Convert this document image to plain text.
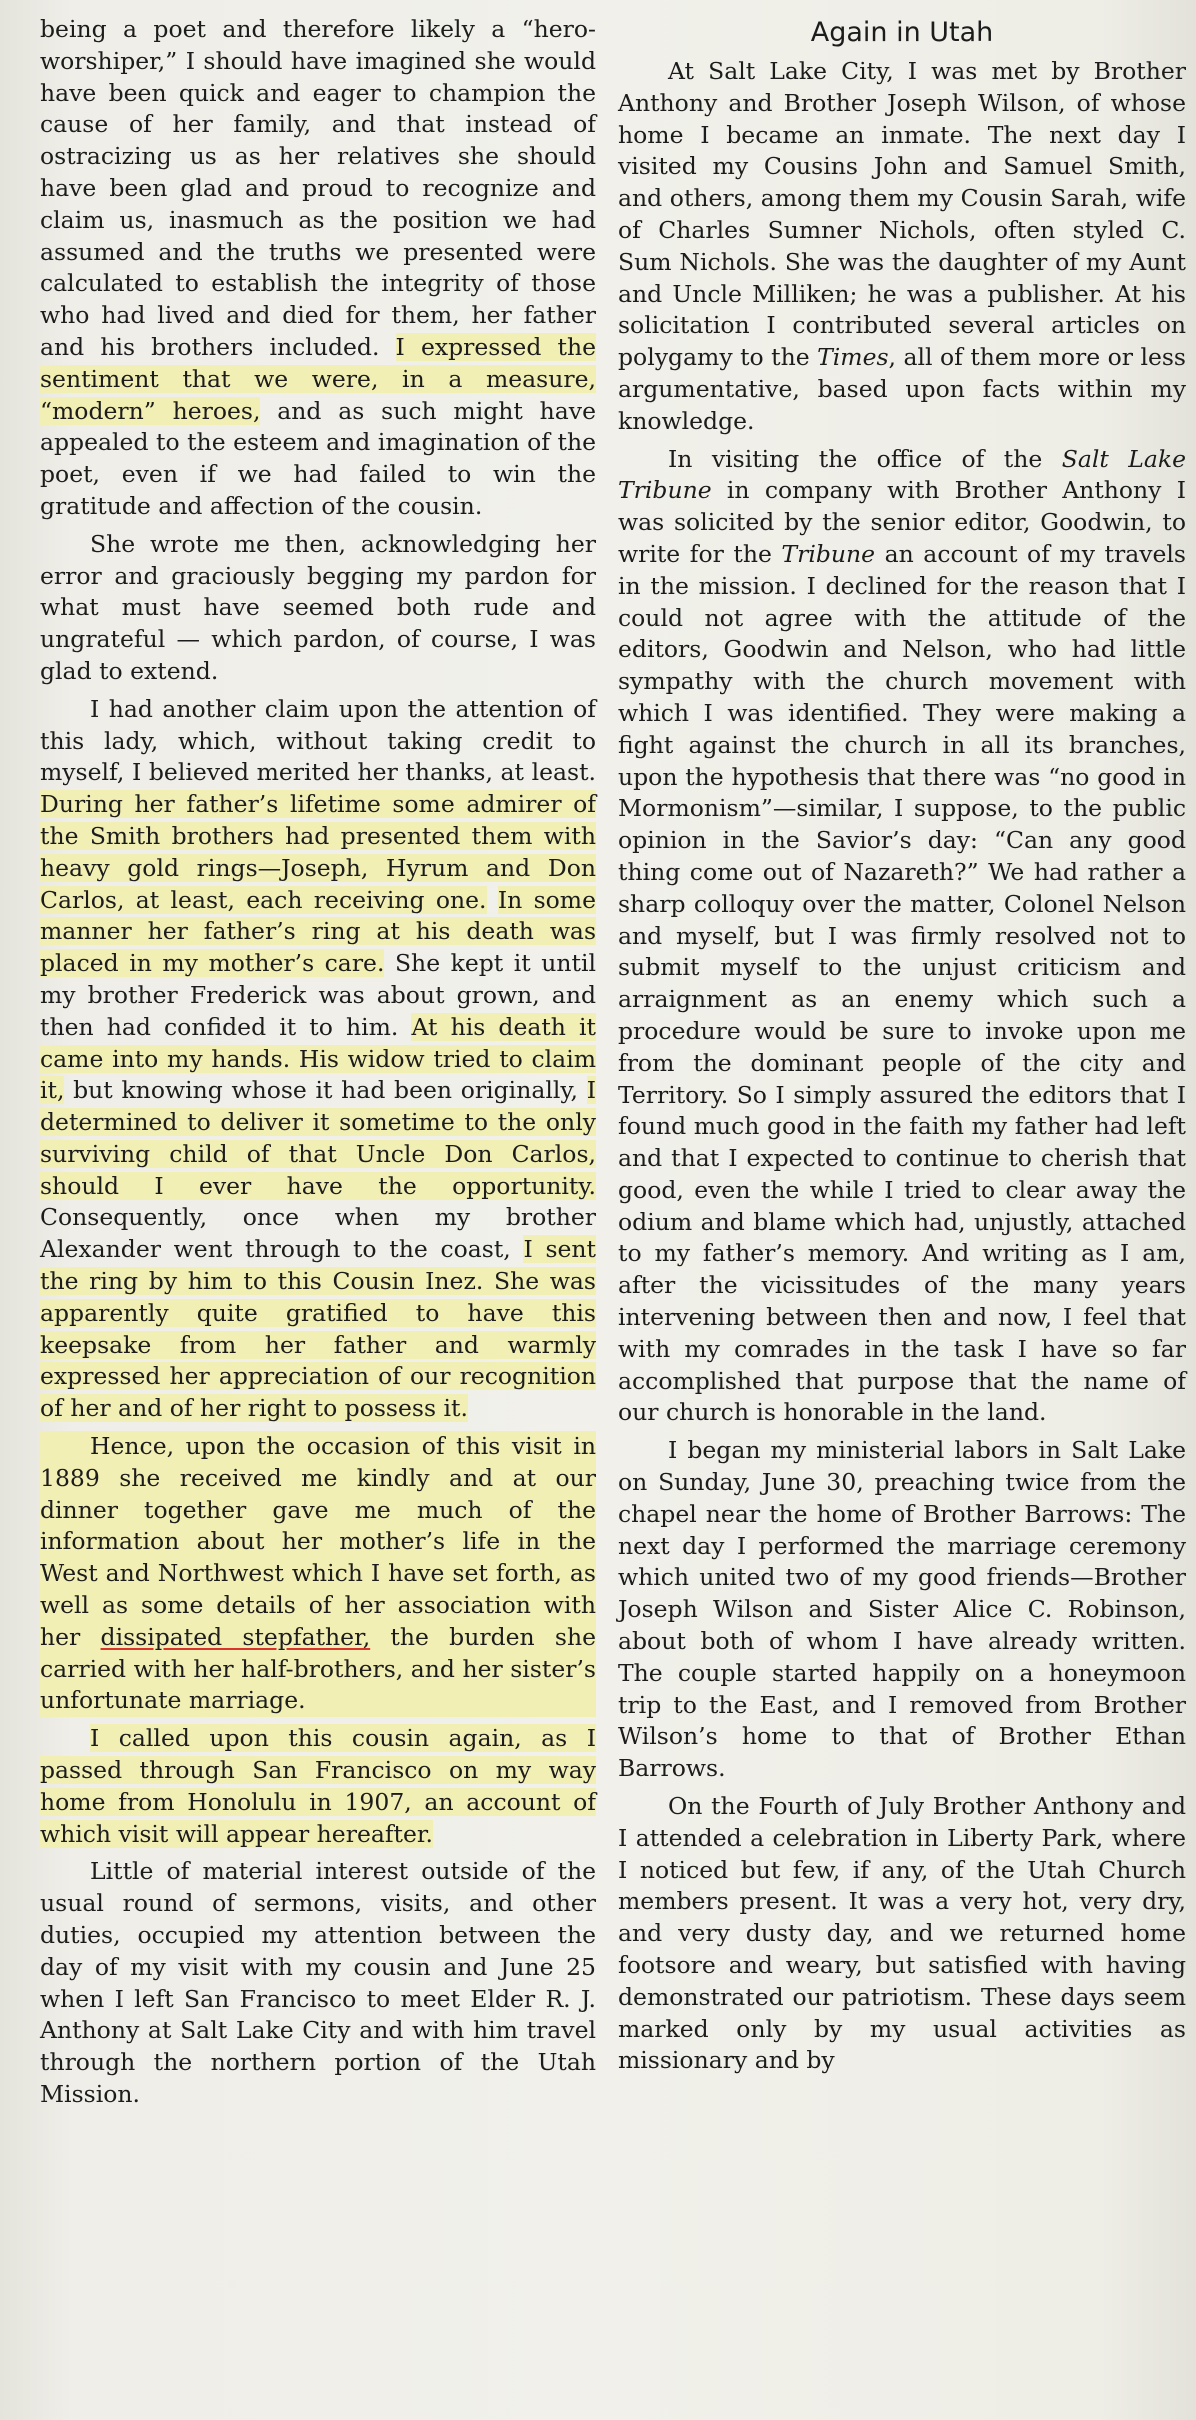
being a poet and therefore likely a “hero-worshiper,” I should have imagined she would have been quick and eager to champion the cause of her family, and that instead of ostracizing us as her relatives she should have been glad and proud to recognize and claim us, inasmuch as the position we had assumed and the truths we presented were calculated to establish the integrity of those who had lived and died for them, her father and his brothers included. I expressed the sentiment that we were, in a measure, “modern” heroes, and as such might have appealed to the esteem and imagination of the poet, even if we had failed to win the gratitude and affection of the cousin.

She wrote me then, acknowledging her error and graciously begging my pardon for what must have seemed both rude and ungrateful — which pardon, of course, I was glad to extend.

I had another claim upon the attention of this lady, which, without taking credit to myself, I believed merited her thanks, at least. During her father’s lifetime some admirer of the Smith brothers had presented them with heavy gold rings—Joseph, Hyrum and Don Carlos, at least, each receiving one. In some manner her father’s ring at his death was placed in my mother’s care. She kept it until my brother Frederick was about grown, and then had confided it to him. At his death it came into my hands. His widow tried to claim it, but knowing whose it had been originally, I determined to deliver it sometime to the only surviving child of that Uncle Don Carlos, should I ever have the opportunity. Consequently, once when my brother Alexander went through to the coast, I sent the ring by him to this Cousin Inez. She was apparently quite gratified to have this keepsake from her father and warmly expressed her appreciation of our recognition of her and of her right to possess it.

Hence, upon the occasion of this visit in 1889 she received me kindly and at our dinner together gave me much of the information about her mother’s life in the West and Northwest which I have set forth, as well as some details of her association with her dissipated stepfather, the burden she carried with her half-brothers, and her sister’s unfortunate marriage.

I called upon this cousin again, as I passed through San Francisco on my way home from Honolulu in 1907, an account of which visit will appear hereafter.

Little of material interest outside of the usual round of sermons, visits, and other duties, occupied my attention between the day of my visit with my cousin and June 25 when I left San Francisco to meet Elder R. J. Anthony at Salt Lake City and with him travel through the northern portion of the Utah Mission.

Again in Utah

At Salt Lake City, I was met by Brother Anthony and Brother Joseph Wilson, of whose home I became an inmate. The next day I visited my Cousins John and Samuel Smith, and others, among them my Cousin Sarah, wife of Charles Sumner Nichols, often styled C. Sum Nichols. She was the daughter of my Aunt and Uncle Milliken; he was a publisher. At his solicitation I contributed several articles on polygamy to the Times, all of them more or less argumentative, based upon facts within my knowledge.

In visiting the office of the Salt Lake Tribune in company with Brother Anthony I was solicited by the senior editor, Goodwin, to write for the Tribune an account of my travels in the mission. I declined for the reason that I could not agree with the attitude of the editors, Goodwin and Nelson, who had little sympathy with the church movement with which I was identified. They were making a fight against the church in all its branches, upon the hypothesis that there was “no good in Mormonism”—similar, I suppose, to the public opinion in the Savior’s day: “Can any good thing come out of Nazareth?” We had rather a sharp colloquy over the matter, Colonel Nelson and myself, but I was firmly resolved not to submit myself to the unjust criticism and arraignment as an enemy which such a procedure would be sure to invoke upon me from the dominant people of the city and Territory. So I simply assured the editors that I found much good in the faith my father had left and that I expected to continue to cherish that good, even the while I tried to clear away the odium and blame which had, unjustly, attached to my father’s memory. And writing as I am, after the vicissitudes of the many years intervening between then and now, I feel that with my comrades in the task I have so far accomplished that purpose that the name of our church is honorable in the land.

I began my ministerial labors in Salt Lake on Sunday, June 30, preaching twice from the chapel near the home of Brother Barrows: The next day I performed the marriage ceremony which united two of my good friends—Brother Joseph Wilson and Sister Alice C. Robinson, about both of whom I have already written. The couple started happily on a honeymoon trip to the East, and I removed from Brother Wilson’s home to that of Brother Ethan Barrows.

On the Fourth of July Brother Anthony and I attended a celebration in Liberty Park, where I noticed but few, if any, of the Utah Church members present. It was a very hot, very dry, and very dusty day, and we returned home footsore and weary, but satisfied with having demonstrated our patriotism. These days seem marked only by my usual activities as missionary and by
